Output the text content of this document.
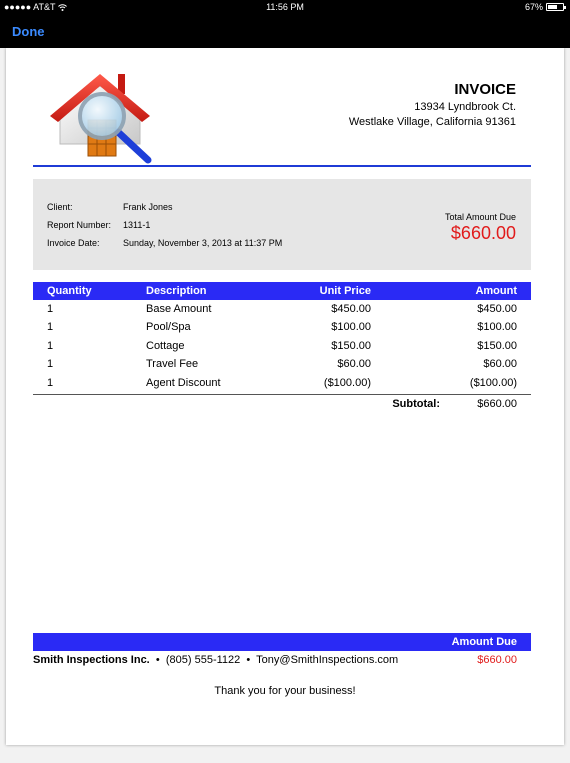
●●●●● AT&T	11:56 PM	67%
Done
INVOICE
13934 Lyndbrook Ct.
Westlake Village, California 91361
Client:	Frank Jones
Report Number: 1311-1
Invoice Date:	Sunday, November 3, 2013 at 11:37 PM
Total Amount Due
$660.00
Quantity	Description	Unit Price	Amount
1	Base Amount	$450.00	$450.00
1	Pool/Spa	$100.00	$100.00
1	Cottage	$150.00	$150.00
1	Travel Fee	$60.00	$60.00
1	Agent Discount	($100.00)	($100.00)
Subtotal:	$660.00
Amount Due
Smith Inspections Inc. • (805) 555-1122 • Tony@SmithInspections.com	$660.00
Thank you for your business!
